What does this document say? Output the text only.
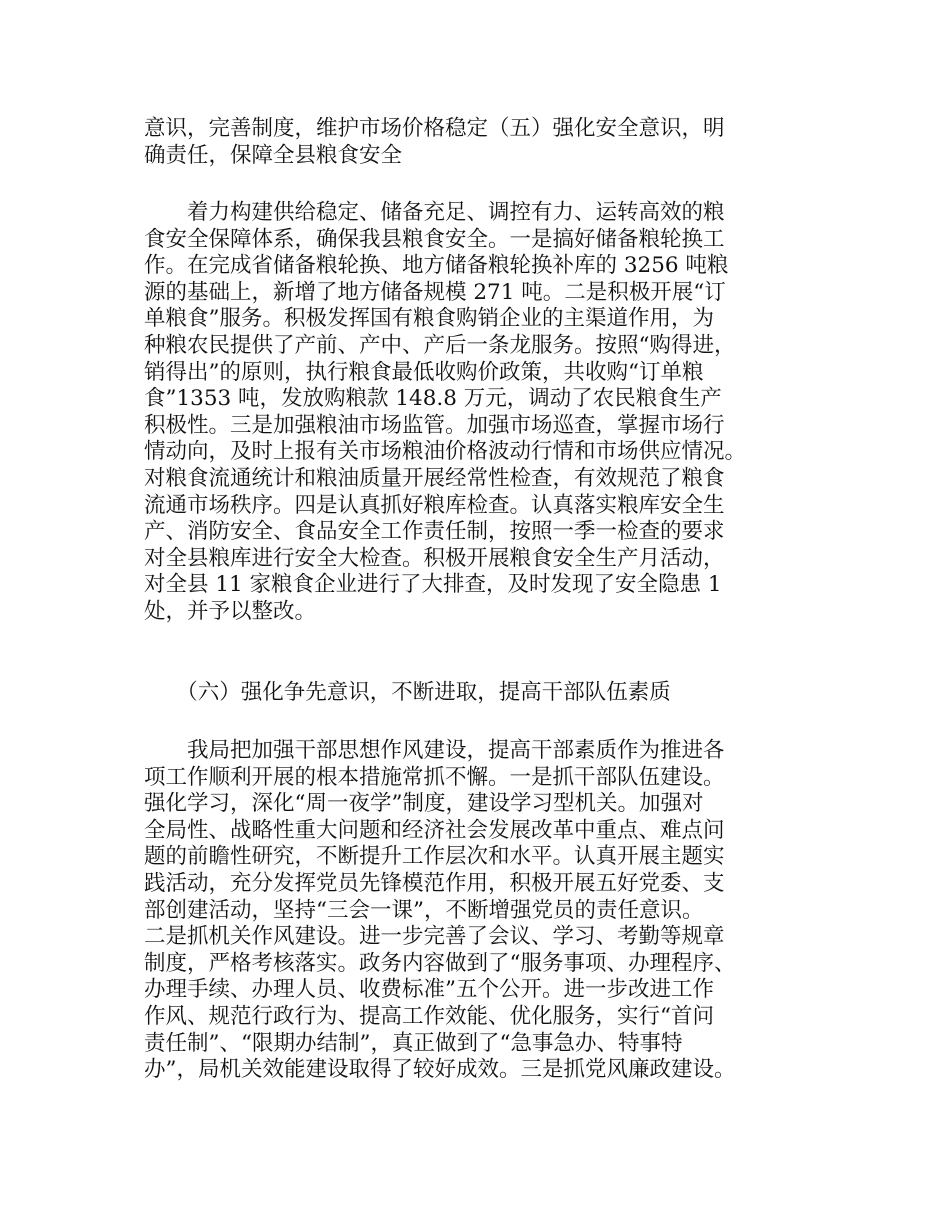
意识，完善制度，维护市场价格稳定（五）强化安全意识，明
确责任，保障全县粮食安全
　　着力构建供给稳定、储备充足、调控有力、运转高效的粮
食安全保障体系，确保我县粮食安全。一是搞好储备粮轮换工
作。在完成省储备粮轮换、地方储备粮轮换补库的 3256 吨粮
源的基础上，新增了地方储备规模 271 吨。二是积极开展“订
单粮食”服务。积极发挥国有粮食购销企业的主渠道作用，为
种粮农民提供了产前、产中、产后一条龙服务。按照“购得进，
销得出”的原则，执行粮食最低收购价政策，共收购“订单粮
食”1353 吨，发放购粮款 148.8 万元，调动了农民粮食生产
积极性。三是加强粮油市场监管。加强市场巡查，掌握市场行
情动向，及时上报有关市场粮油价格波动行情和市场供应情况。
对粮食流通统计和粮油质量开展经常性检查，有效规范了粮食
流通市场秩序。四是认真抓好粮库检查。认真落实粮库安全生
产、消防安全、食品安全工作责任制，按照一季一检查的要求
对全县粮库进行安全大检查。积极开展粮食安全生产月活动，
对全县 11 家粮食企业进行了大排查，及时发现了安全隐患 1
处，并予以整改。
　　（六）强化争先意识，不断进取，提高干部队伍素质
　　我局把加强干部思想作风建设，提高干部素质作为推进各
项工作顺利开展的根本措施常抓不懈。一是抓干部队伍建设。
强化学习，深化“周一夜学”制度，建设学习型机关。加强对
全局性、战略性重大问题和经济社会发展改革中重点、难点问
题的前瞻性研究，不断提升工作层次和水平。认真开展主题实
践活动，充分发挥党员先锋模范作用，积极开展五好党委、支
部创建活动，坚持“三会一课”，不断增强党员的责任意识。
二是抓机关作风建设。进一步完善了会议、学习、考勤等规章
制度，严格考核落实。政务内容做到了“服务事项、办理程序、
办理手续、办理人员、收费标准”五个公开。进一步改进工作
作风、规范行政行为、提高工作效能、优化服务，实行“首问
责任制”、“限期办结制”，真正做到了“急事急办、特事特
办”，局机关效能建设取得了较好成效。三是抓党风廉政建设。
